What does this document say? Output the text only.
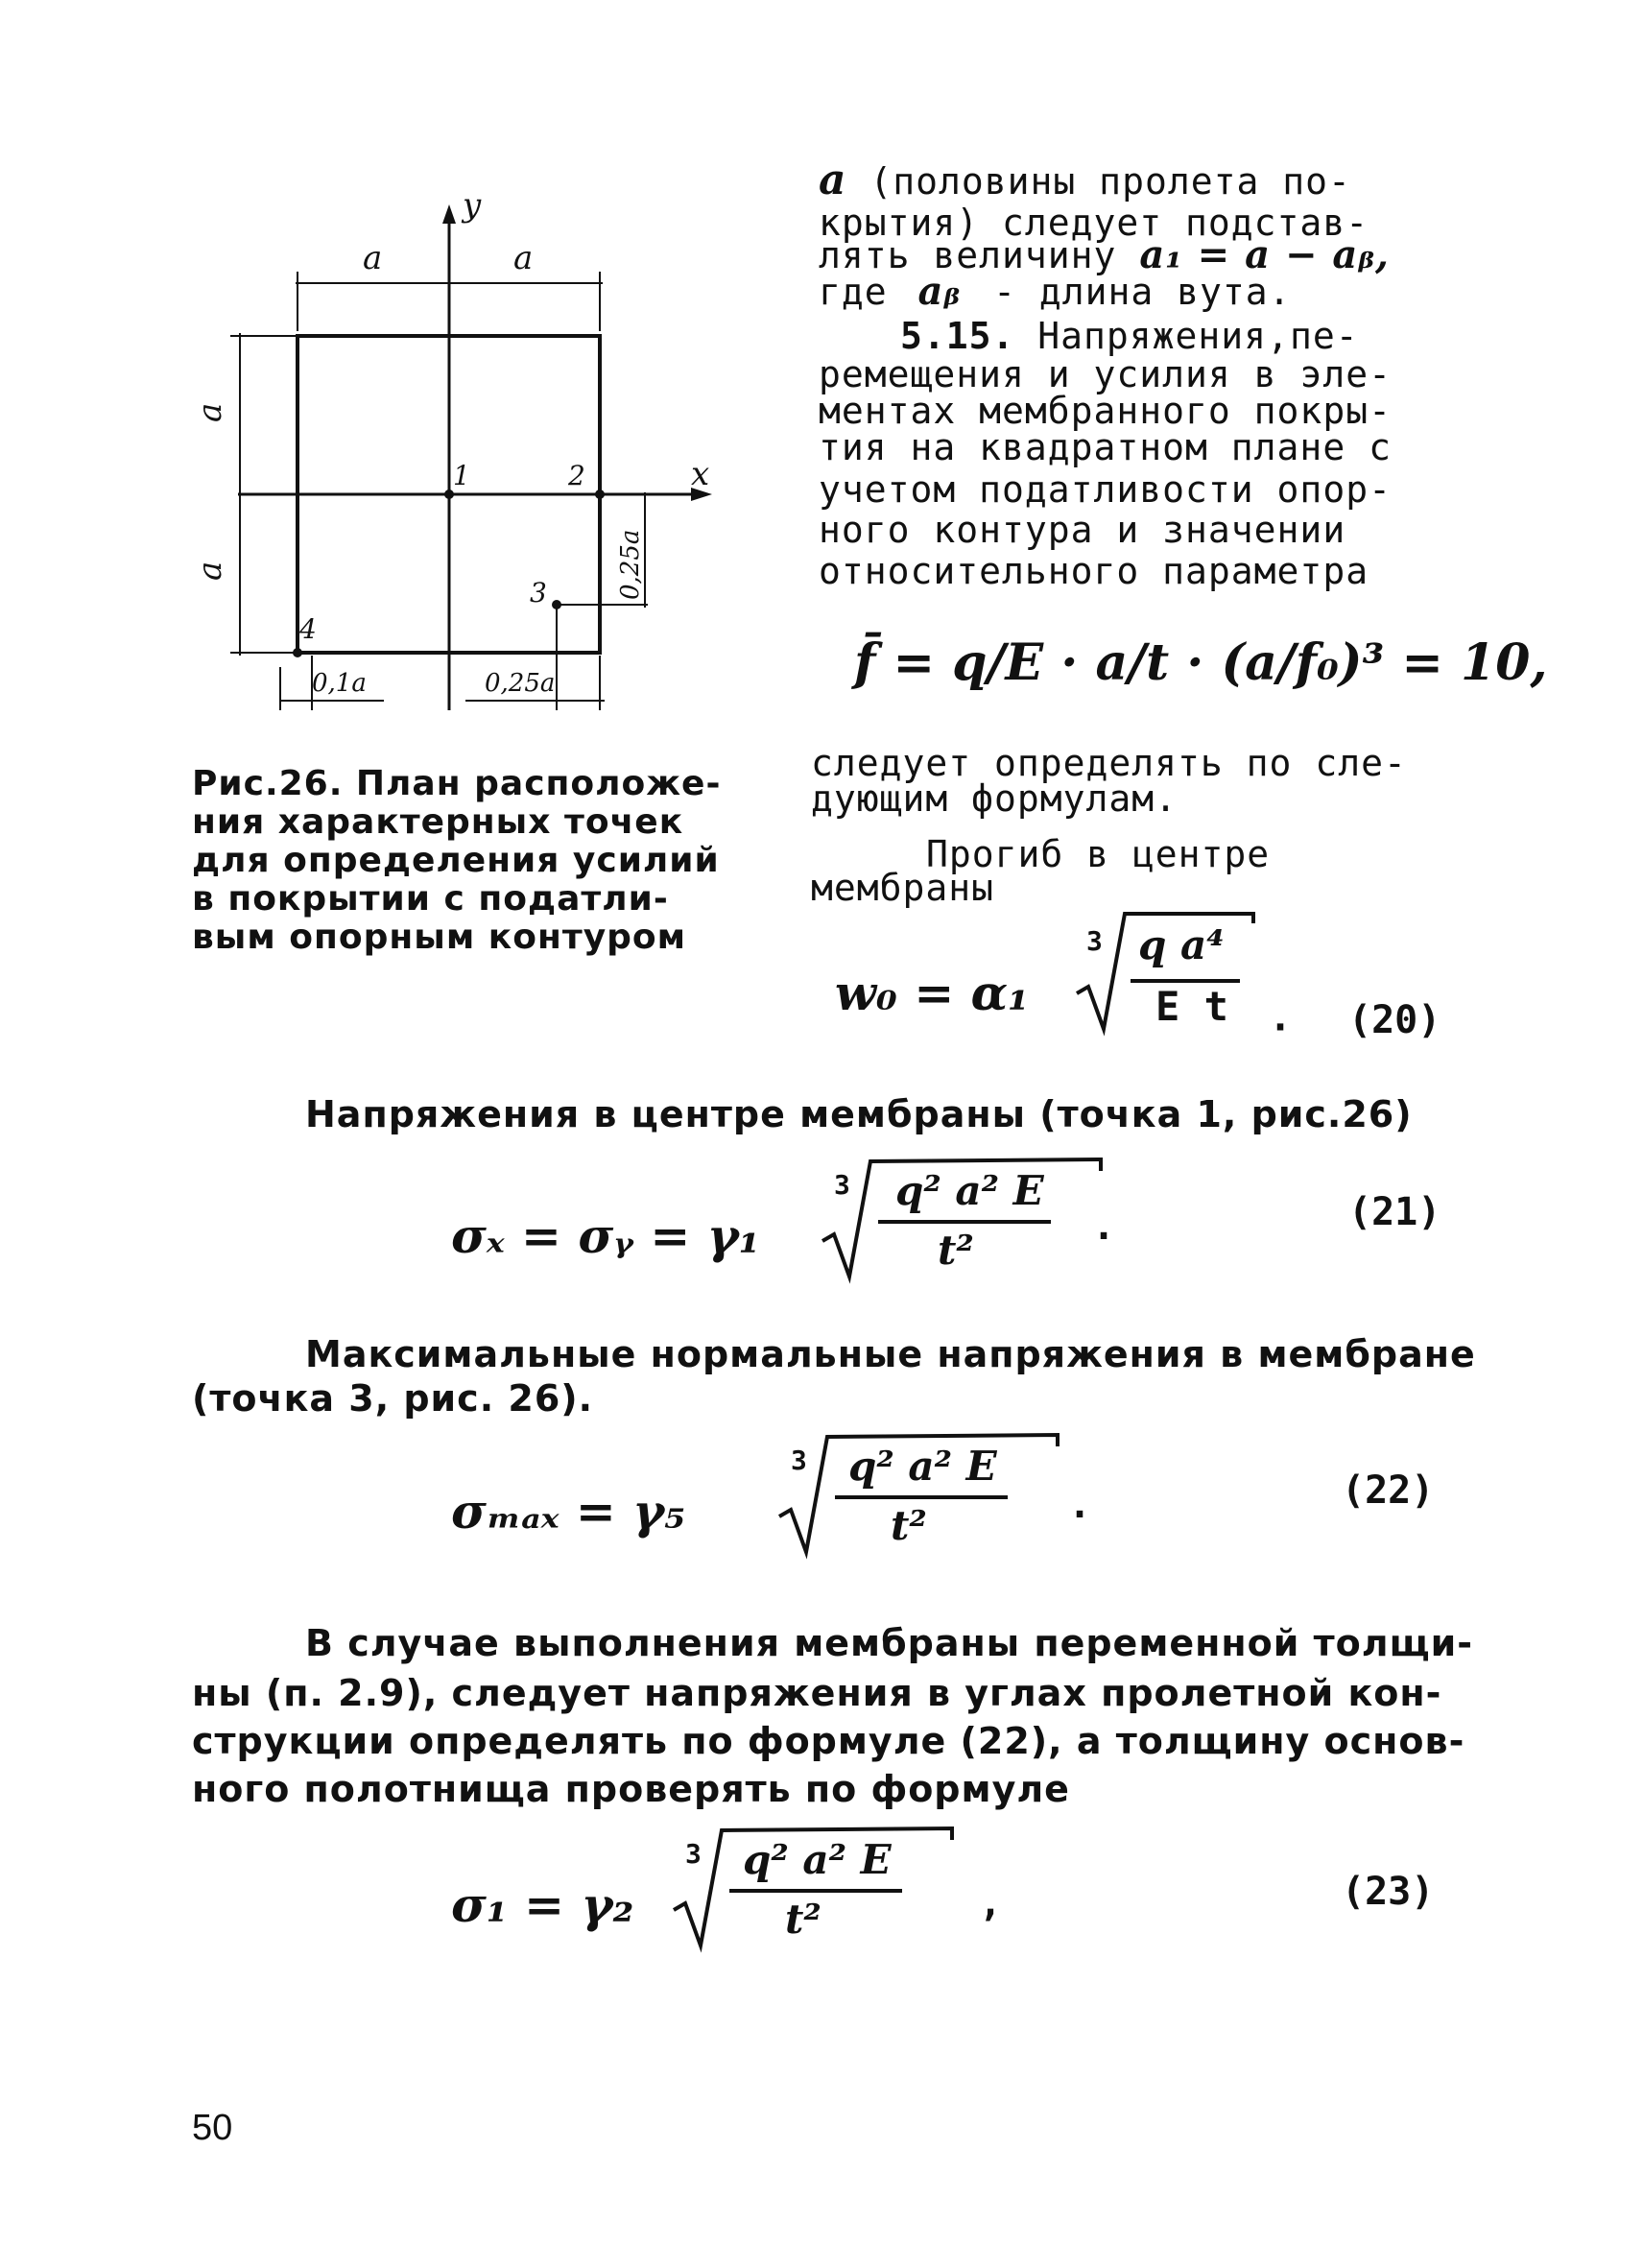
y
x
a	a
a
a
1	2
3
4
0,25a
0,1a	0,25a
a (половины пролета по-
крытия) следует подстав-
лять величину a₁ = a − aᵦ,
где aᵦ - длина вута.
5.15. Напряжения,пе-
ремещения и усилия в эле-
ментах мембранного покры-
тия на квадратном плане с
учетом податливости опор-
ного контура и значении
относительного параметра
f̄ = q/E · a/t · (a/f₀)³ = 10,
следует определять по сле-
дующим формулам.
Прогиб в центре
мембраны
w₀ = α₁
3 q a⁴
E t · (20)
Рис.26. План расположе-
ния характерных точек
для определения усилий
в покрытии с податли-
вым опорным контуром
Напряжения в центре мембраны (точка 1, рис.26)
σₓ = σᵧ = γ₁
3 q² a² E
t²	.	(21)
Максимальные нормальные напряжения в мембране
(точка 3, рис. 26).
σₘₐₓ = γ₅
3 q² a² E
t²	.	(22)
В случае выполнения мембраны переменной толщи-
ны (п. 2.9), следует напряжения в углах пролетной кон-
струкции определять по формуле (22), а толщину основ-
ного полотнища проверять по формуле
σ₁ = γ₂
3 q² a² E
t²	,	(23)
50
